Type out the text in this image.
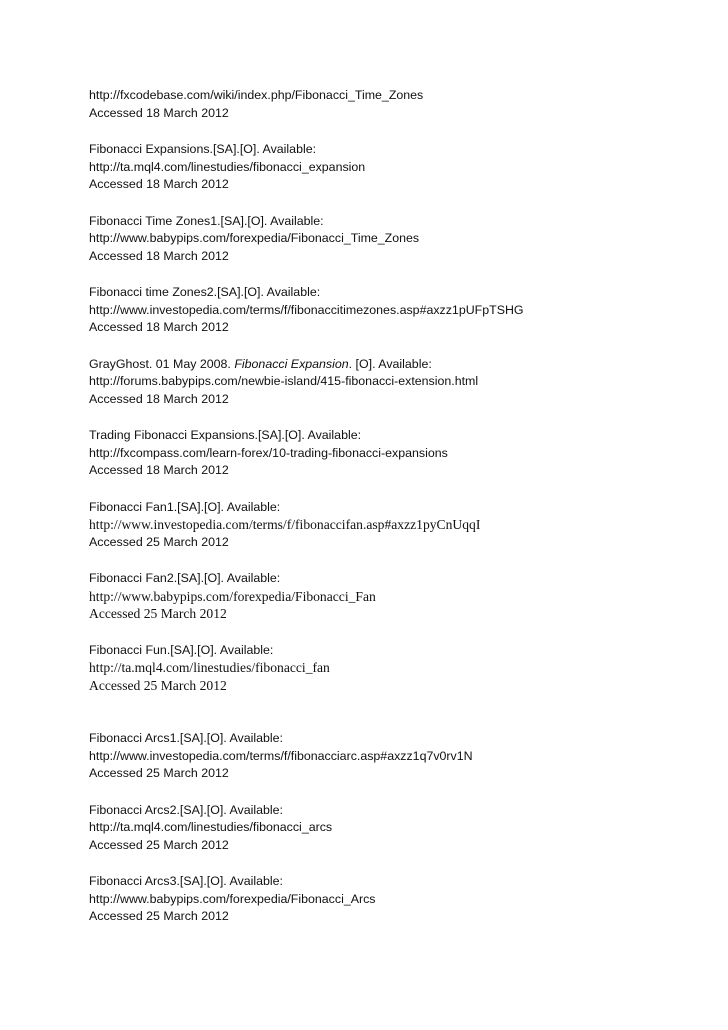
http://fxcodebase.com/wiki/index.php/Fibonacci_Time_Zones
Accessed 18 March 2012
Fibonacci Expansions.[SA].[O]. Available:
http://ta.mql4.com/linestudies/fibonacci_expansion
Accessed 18 March 2012
Fibonacci Time Zones1.[SA].[O]. Available:
http://www.babypips.com/forexpedia/Fibonacci_Time_Zones
Accessed 18 March 2012
Fibonacci time Zones2.[SA].[O]. Available:
http://www.investopedia.com/terms/f/fibonaccitimezones.asp#axzz1pUFpTSHG
Accessed 18 March 2012
GrayGhost. 01 May 2008. Fibonacci Expansion. [O]. Available:
http://forums.babypips.com/newbie-island/415-fibonacci-extension.html
Accessed 18 March 2012
Trading Fibonacci Expansions.[SA].[O]. Available:
http://fxcompass.com/learn-forex/10-trading-fibonacci-expansions
Accessed 18 March 2012
Fibonacci Fan1.[SA].[O]. Available:
http://www.investopedia.com/terms/f/fibonaccifan.asp#axzz1pyCnUqqI
Accessed 25 March 2012
Fibonacci Fan2.[SA].[O]. Available:
http://www.babypips.com/forexpedia/Fibonacci_Fan
Accessed 25 March 2012
Fibonacci Fun.[SA].[O]. Available:
http://ta.mql4.com/linestudies/fibonacci_fan
Accessed 25 March 2012
Fibonacci Arcs1.[SA].[O]. Available:
http://www.investopedia.com/terms/f/fibonacciarc.asp#axzz1q7v0rv1N
Accessed 25 March 2012
Fibonacci Arcs2.[SA].[O]. Available:
http://ta.mql4.com/linestudies/fibonacci_arcs
Accessed 25 March 2012
Fibonacci Arcs3.[SA].[O]. Available:
http://www.babypips.com/forexpedia/Fibonacci_Arcs
Accessed 25 March 2012
